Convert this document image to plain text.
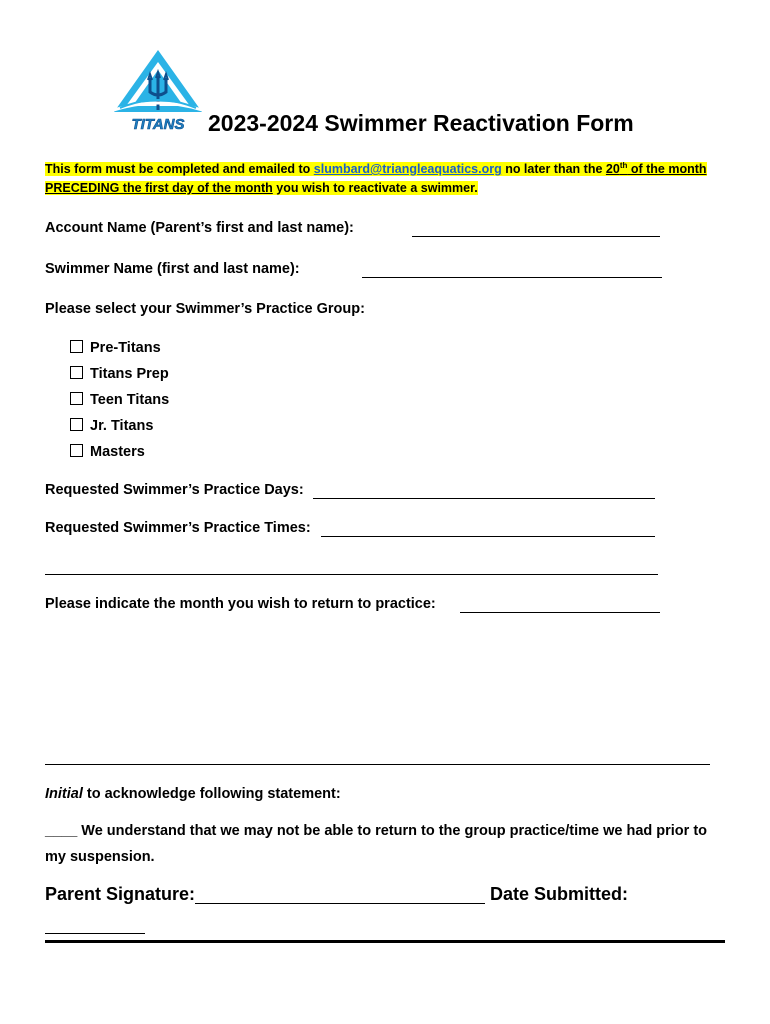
TITANS 2023-2024 Swimmer Reactivation Form
This form must be completed and emailed to slumbard@triangleaquatics.org no later than the 20th of the month PRECEDING the first day of the month you wish to reactivate a swimmer.
Account Name (Parent’s first and last name):
Swimmer Name (first and last name):
Please select your Swimmer’s Practice Group:
Pre-Titans
Titans Prep
Teen Titans
Jr. Titans
Masters
Requested Swimmer’s Practice Days:
Requested Swimmer’s Practice Times:
Please indicate the month you wish to return to practice:
Initial to acknowledge following statement:
____ We understand that we may not be able to return to the group practice/time we had prior to my suspension.
Parent Signature:	Date Submitted:
